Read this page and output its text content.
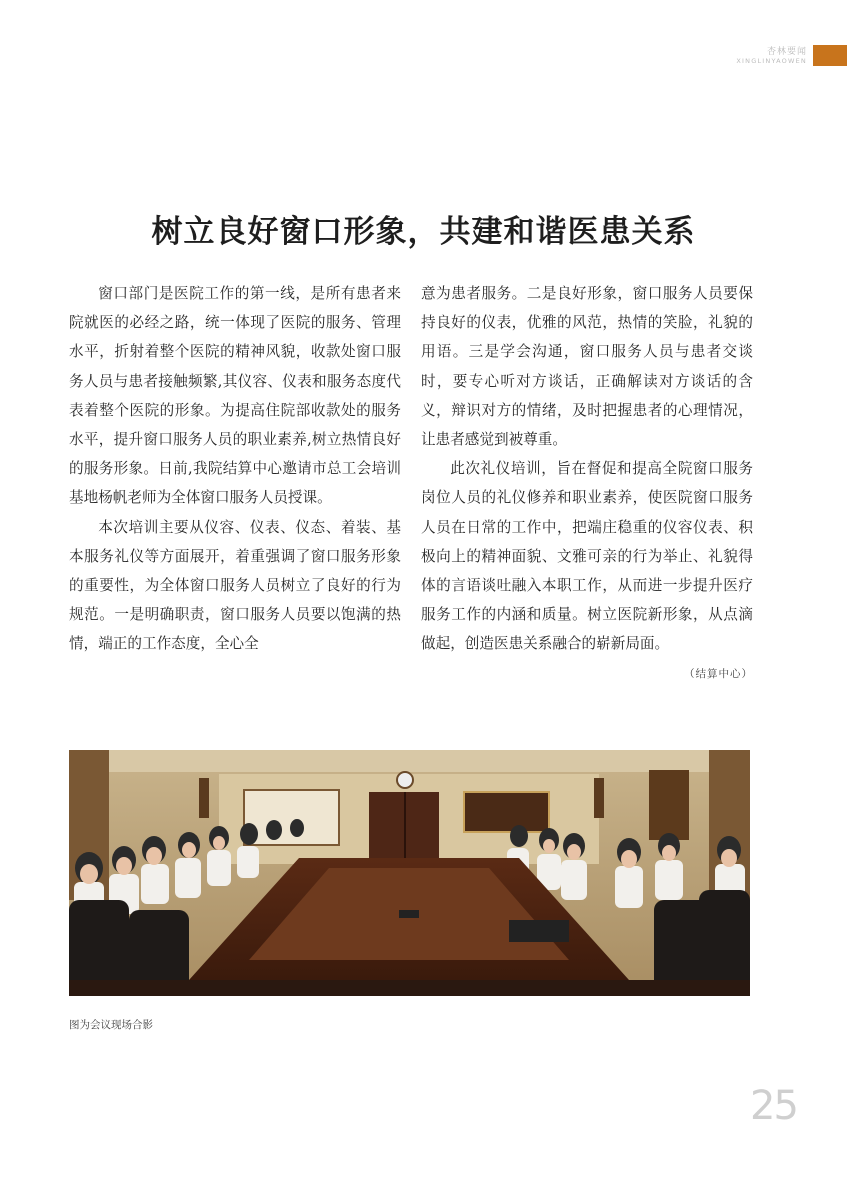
杏林要闻
XINGLINYAOWEN
树立良好窗口形象，共建和谐医患关系

窗口部门是医院工作的第一线，是所有患者来院就医的必经之路，统一体现了医院的服务、管理水平，折射着整个医院的精神风貌，收款处窗口服务人员与患者接触频繁,其仪容、仪表和服务态度代表着整个医院的形象。为提高住院部收款处的服务水平，提升窗口服务人员的职业素养,树立热情良好的服务形象。日前,我院结算中心邀请市总工会培训基地杨帆老师为全体窗口服务人员授课。

本次培训主要从仪容、仪表、仪态、着装、基本服务礼仪等方面展开，着重强调了窗口服务形象的重要性，为全体窗口服务人员树立了良好的行为规范。一是明确职责，窗口服务人员要以饱满的热情，端正的工作态度，全心全

意为患者服务。二是良好形象，窗口服务人员要保持良好的仪表，优雅的风范，热情的笑脸，礼貌的用语。三是学会沟通，窗口服务人员与患者交谈时，要专心听对方谈话，正确解读对方谈话的含义，辩识对方的情绪，及时把握患者的心理情况，让患者感觉到被尊重。

此次礼仪培训，旨在督促和提高全院窗口服务岗位人员的礼仪修养和职业素养，使医院窗口服务人员在日常的工作中，把端庄稳重的仪容仪表、积极向上的精神面貌、文雅可亲的行为举止、礼貌得体的言语谈吐融入本职工作，从而进一步提升医疗服务工作的内涵和质量。树立医院新形象，从点滴做起，创造医患关系融合的崭新局面。
（结算中心）

图为会议现场合影
25
